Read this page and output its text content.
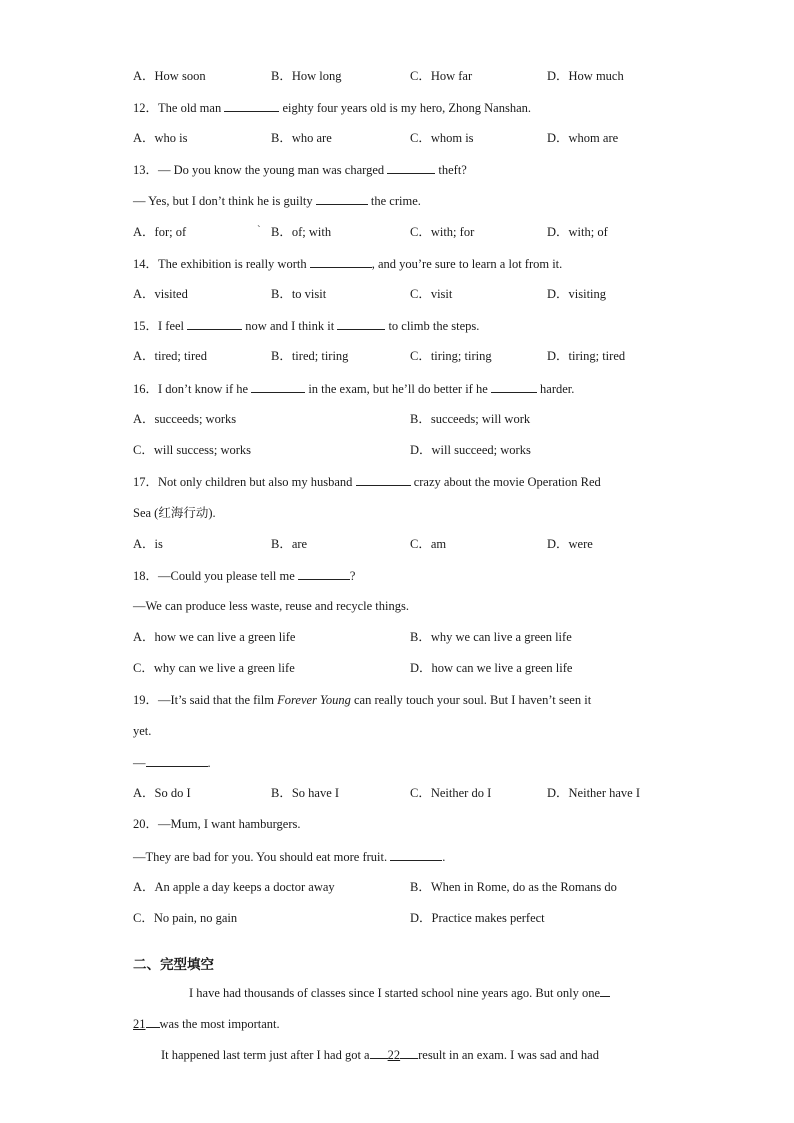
A．How soon	B．How long	C．How far	D．How much
12．The old man	eighty four years old is my hero, Zhong Nanshan.
A．who is	B．who are	C．whom is	D．whom are
13．— Do you know the young man was charged	theft?
— Yes, but I don’t think he is guilty	the crime.
`
A．for; of	B．of; with	C．with; for	D．with; of
14．The exhibition is really worth	, and you’re sure to learn a lot from it.
A．visited	B．to visit	C．visit	D．visiting
15．I feel	now and I think it	to climb the steps.
A．tired; tired	B．tired; tiring	C．tiring; tiring	D．tiring; tired
16．I don’t know if he	in the exam, but he’ll do better if he	harder.
A．succeeds; works	B．succeeds; will work
C．will success; works	D．will succeed; works
17．Not only children but also my husband	crazy about the movie Operation Red
Sea (红海行动).
A．is	B．are	C．am	D．were
18．—Could you please tell me	?
—We can produce less waste, reuse and recycle things.
A．how we can live a green life	B．why we can live a green life
C．why can we live a green life	D．how can we live a green life
19．—It’s said that the film Forever Young can really touch your soul. But I haven’t seen it
yet.
—	.
A．So do I	B．So have I	C．Neither do I	D．Neither have I
20．—Mum, I want hamburgers.
—They are bad for you. You should eat more fruit.	.
A．An apple a day keeps a doctor away	B．When in Rome, do as the Romans do
C．No pain, no gain	D．Practice makes perfect
二、完型填空
I have had thousands of classes since I started school nine years ago. But only one
21 was the most important.
It happened last term just after I had got a 22 result in an exam. I was sad and had
